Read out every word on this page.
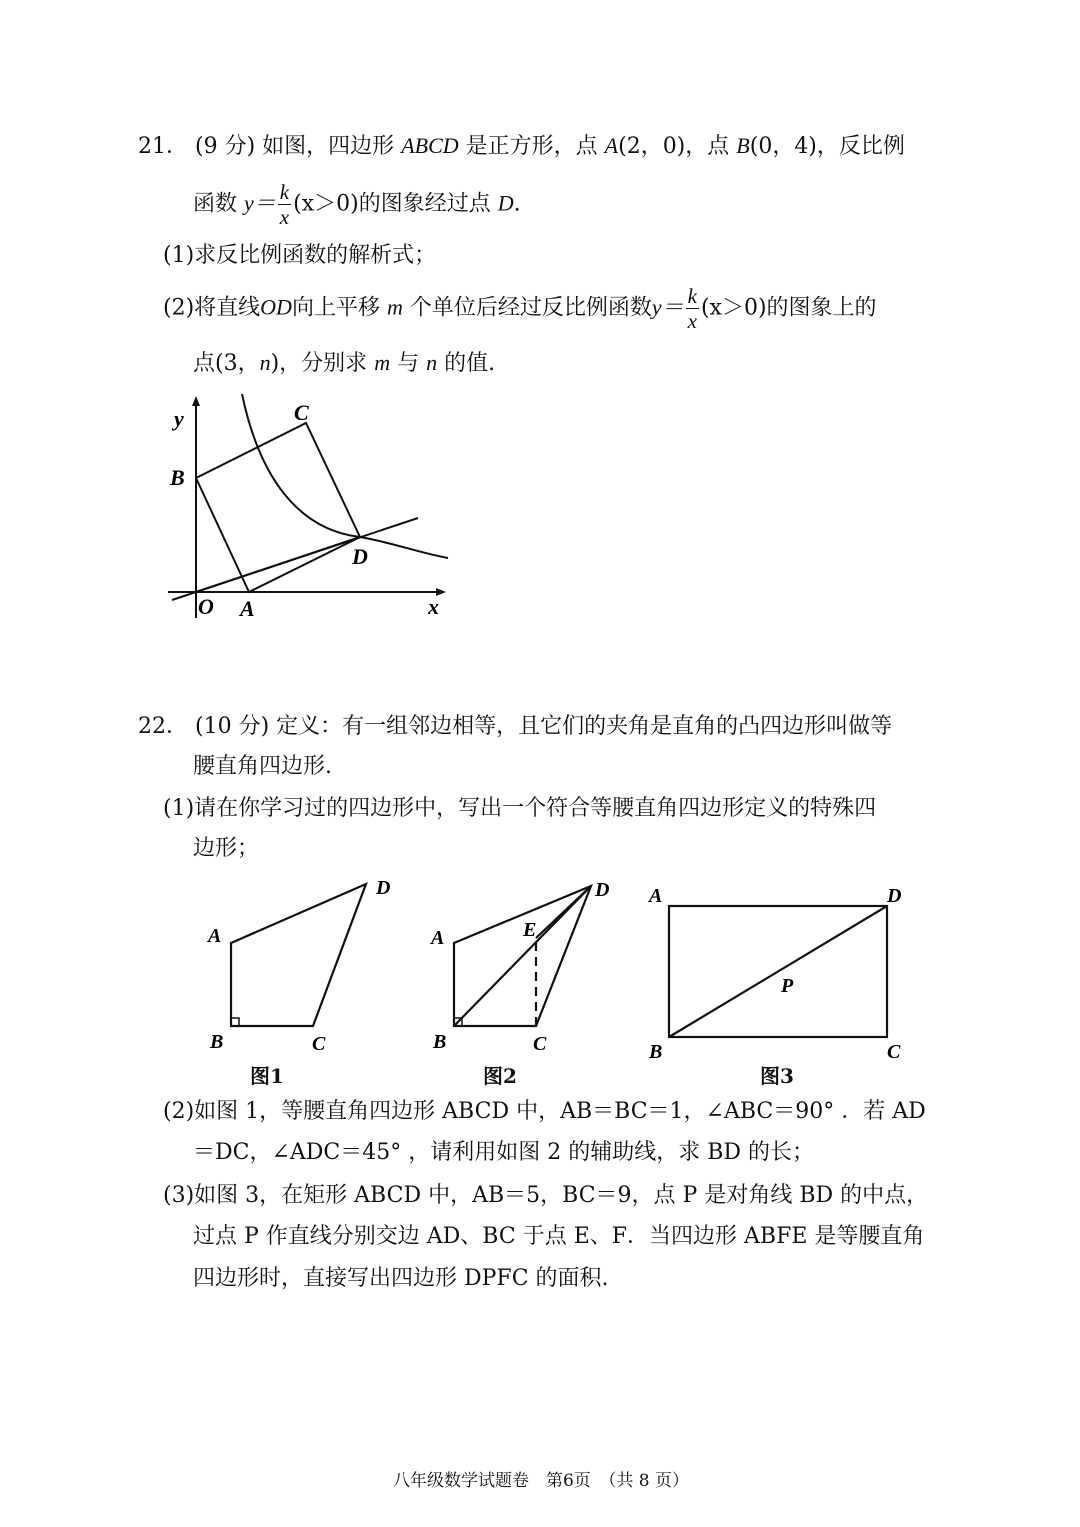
21． (9 分) 如图，四边形 ABCD 是正方形，点 A(2，0)，点 B(0，4)，反比例
函数 $y= \frac{k}{x} (x>0)$的图象经过点 D.
(1)求反比例函数的解析式；
(2)将直线OD向上平移 m 个单位后经过反比例函数$y= \frac{k}{x} (x>0)$的图象上的
点(3，n)，分别求 m 与 n 的值.
y
x
O A
B
C
D
22． (10 分) 定义：有一组邻边相等，且它们的夹角是直角的凸四边形叫做等
腰直角四边形.
(1)请在你学习过的四边形中，写出一个符合等腰直角四边形定义的特殊四
边形；
A
B	C
D
图1
A
B	C
D
E
图2
A
B	C
D
P
图3
(2)如图 1，等腰直角四边形 ABCD 中，AB＝BC＝1，∠ABC＝90° ．若 AD
＝DC，∠ADC＝45° ，请利用如图 2 的辅助线，求 BD 的长；
(3)如图 3，在矩形 ABCD 中，AB＝5，BC＝9，点 P 是对角线 BD 的中点，
过点 P 作直线分别交边 AD、BC 于点 E、F．当四边形 ABFE 是等腰直角
四边形时，直接写出四边形 DPFC 的面积.
八年级数学试题卷　第6页　（共 8 页）
